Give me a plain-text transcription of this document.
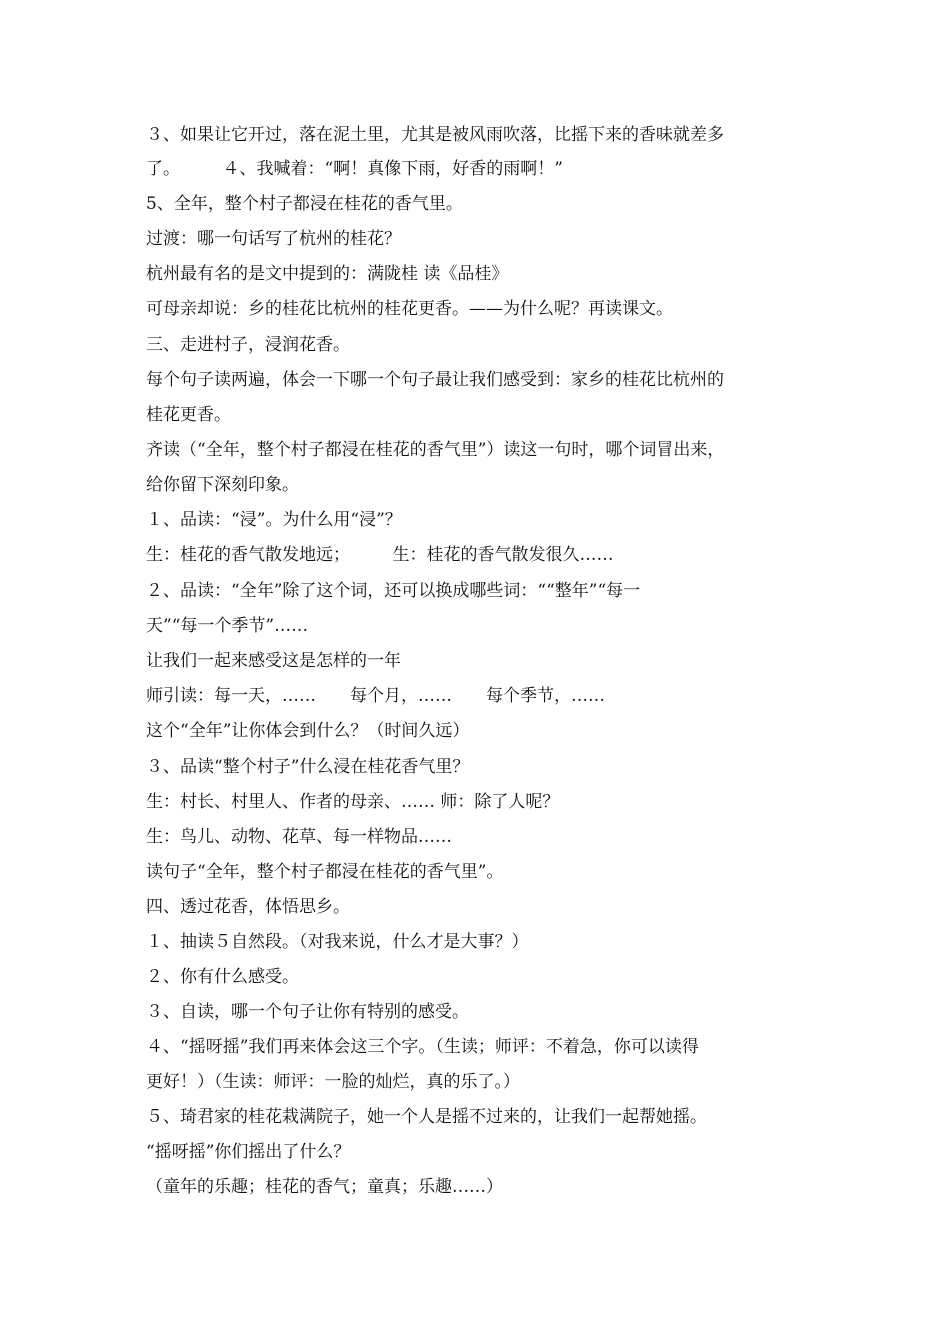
３、如果让它开过，落在泥土里，尤其是被风雨吹落，比摇下来的香味就差多
了。　　　４、我喊着：“啊！真像下雨，好香的雨啊！”
5、全年，整个村子都浸在桂花的香气里。
过渡：哪一句话写了杭州的桂花？
杭州最有名的是文中提到的：满陇桂 读《品桂》
可母亲却说：乡的桂花比杭州的桂花更香。——为什么呢？再读课文。
三、走进村子，浸润花香。
每个句子读两遍，体会一下哪一个句子最让我们感受到：家乡的桂花比杭州的
桂花更香。
齐读（“全年，整个村子都浸在桂花的香气里”）读这一句时，哪个词冒出来，
给你留下深刻印象。
１、品读：“浸”。为什么用“浸”？
生：桂花的香气散发地远；　　　生：桂花的香气散发很久……
２、品读：“全年”除了这个词，还可以换成哪些词：““整年”“每一
天”“每一个季节”……
让我们一起来感受这是怎样的一年
师引读：每一天，……　　每个月，……　　每个季节，……
这个“全年”让你体会到什么？（时间久远）
３、品读“整个村子”什么浸在桂花香气里？
生：村长、村里人、作者的母亲、…… 师：除了人呢？
生：鸟儿、动物、花草、每一样物品……
读句子“全年，整个村子都浸在桂花的香气里”。
四、透过花香，体悟思乡。
１、抽读５自然段。（对我来说，什么才是大事？）
２、你有什么感受。
３、自读，哪一个句子让你有特别的感受。
４、“摇呀摇”我们再来体会这三个字。（生读；师评：不着急，你可以读得
更好！）（生读：师评：一脸的灿烂，真的乐了。）
５、琦君家的桂花栽满院子，她一个人是摇不过来的，让我们一起帮她摇。
“摇呀摇”你们摇出了什么？
（童年的乐趣；桂花的香气；童真；乐趣……）
